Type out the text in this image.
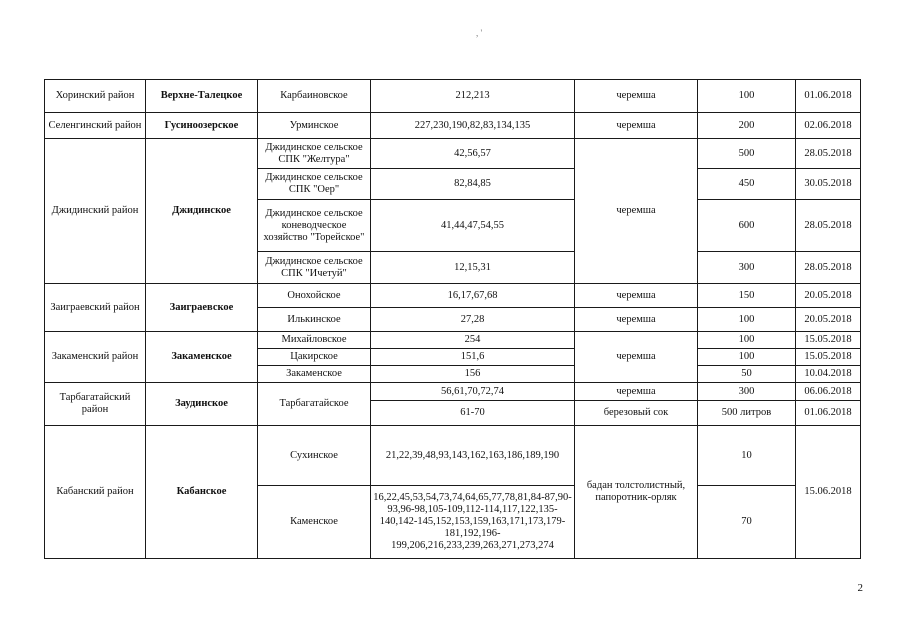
, '
Хоринский район	Верхне-Талецкое	Карбаиновское	212,213	черемша	100	01.06.2018
Селенгинский район	Гусиноозерское	Урминское	227,230,190,82,83,134,135	черемша	200	02.06.2018
Джидинский район	Джидинское	Джидинское сельское СПК "Желтура"	42,56,57	черемша	500	28.05.2018
		Джидинское сельское СПК "Оер"	82,84,85		450	30.05.2018
		Джидинское сельское коневодческое хозяйство "Торейское"	41,44,47,54,55		600	28.05.2018
		Джидинское сельское СПК "Ичетуй"	12,15,31		300	28.05.2018
Заиграевский район	Заиграевское	Онохойское	16,17,67,68	черемша	150	20.05.2018
		Илькинское	27,28	черемша	100	20.05.2018
Закаменский район	Закаменское	Михайловское	254	черемша	100	15.05.2018
		Цакирское	151,6		100	15.05.2018
		Закаменское	156		50	10.04.2018
Тарбагатайский район	Заудинское	Тарбагатайское	56,61,70,72,74	черемша	300	06.06.2018
			61-70	березовый сок	500 литров	01.06.2018
Кабанский район	Кабанское	Сухинское	21,22,39,48,93,143,162,163,186,189,190	бадан толстолистный, папоротник-орляк	10	15.06.2018
		Каменское	16,22,45,53,54,73,74,64,65,77,78,81,84-87,90-93,96-98,105-109,112-114,117,122,135-140,142-145,152,153,159,163,171,173,179-181,192,196-199,206,216,233,239,263,271,273,274		70	
2
